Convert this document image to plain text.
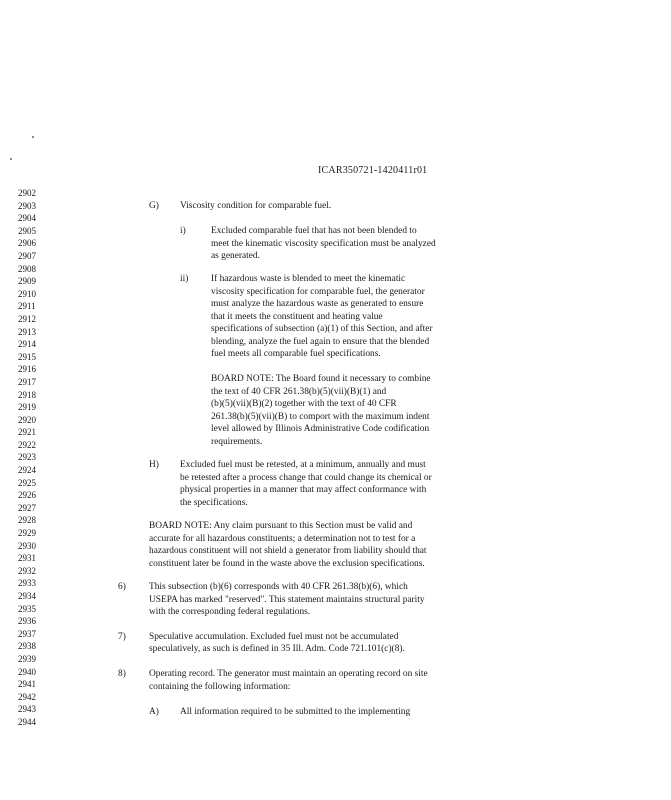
ICAR350721-1420411r01
2902
2903
2904
2905
2906
2907
2908
2909
2910
2911
2912
2913
2914
2915
2916
2917
2918
2919
2920
2921
2922
2923
2924
2925
2926
2927
2928
2929
2930
2931
2932
2933
2934
2935
2936
2937
2938
2939
2940
2941
2942
2943
2944
G) Viscosity condition for comparable fuel.
i)	Excluded comparable fuel that has not been blended to
meet the kinematic viscosity specification must be analyzed
as generated.
ii) If hazardous waste is blended to meet the kinematic
viscosity specification for comparable fuel, the generator
must analyze the hazardous waste as generated to ensure
that it meets the constituent and heating value
specifications of subsection (a)(1) of this Section, and after
blending, analyze the fuel again to ensure that the blended
fuel meets all comparable fuel specifications.
BOARD NOTE: The Board found it necessary to combine
the text of 40 CFR 261.38(b)(5)(vii)(B)(1) and
(b)(5)(vii)(B)(2) together with the text of 40 CFR
261.38(b)(5)(vii)(B) to comport with the maximum indent
level allowed by Illinois Administrative Code codification
requirements.
H) Excluded fuel must be retested, at a minimum, annually and must
be retested after a process change that could change its chemical or
physical properties in a manner that may affect conformance with
the specifications.
BOARD NOTE: Any claim pursuant to this Section must be valid and
accurate for all hazardous constituents; a determination not to test for a
hazardous constituent will not shield a generator from liability should that
constituent later be found in the waste above the exclusion specifications.
6) This subsection (b)(6) corresponds with 40 CFR 261.38(b)(6), which
USEPA has marked "reserved". This statement maintains structural parity
with the corresponding federal regulations.
7) Speculative accumulation. Excluded fuel must not be accumulated
speculatively, as such is defined in 35 Ill. Adm. Code 721.101(c)(8).
8) Operating record. The generator must maintain an operating record on site
containing the following information:
A) All information required to be submitted to the implementing
